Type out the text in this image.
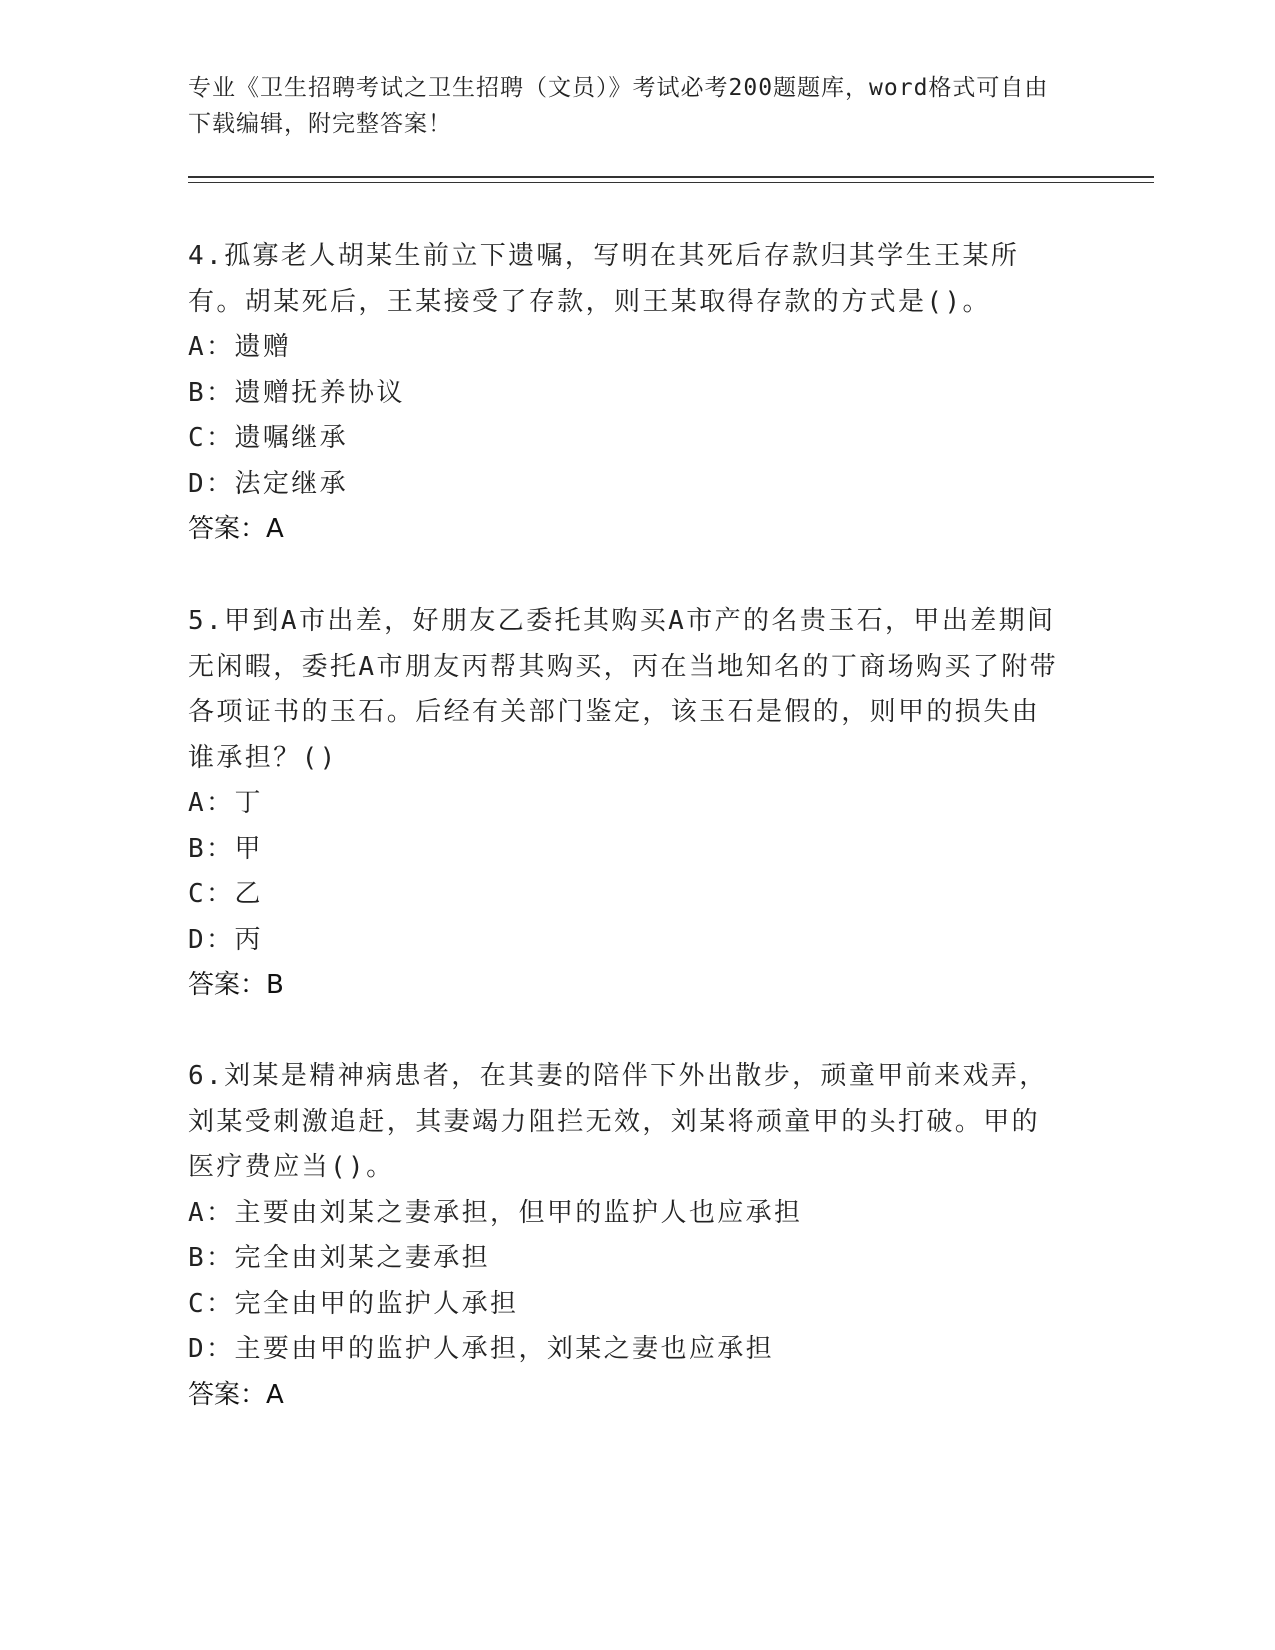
专业《卫生招聘考试之卫生招聘（文员）》考试必考200题题库，word格式可自由下载编辑，附完整答案！

4.孤寡老人胡某生前立下遗嘱，写明在其死后存款归其学生王某所有。胡某死后，王某接受了存款，则王某取得存款的方式是()。

A：遗赠

B：遗赠抚养协议

C：遗嘱继承

D：法定继承

答案：A

5.甲到A市出差，好朋友乙委托其购买A市产的名贵玉石，甲出差期间无闲暇，委托A市朋友丙帮其购买，丙在当地知名的丁商场购买了附带各项证书的玉石。后经有关部门鉴定，该玉石是假的，则甲的损失由谁承担？()

A：丁

B：甲

C：乙

D：丙

答案：B

6.刘某是精神病患者，在其妻的陪伴下外出散步，顽童甲前来戏弄，刘某受刺激追赶，其妻竭力阻拦无效，刘某将顽童甲的头打破。甲的医疗费应当()。

A：主要由刘某之妻承担，但甲的监护人也应承担

B：完全由刘某之妻承担

C：完全由甲的监护人承担

D：主要由甲的监护人承担，刘某之妻也应承担

答案：A
